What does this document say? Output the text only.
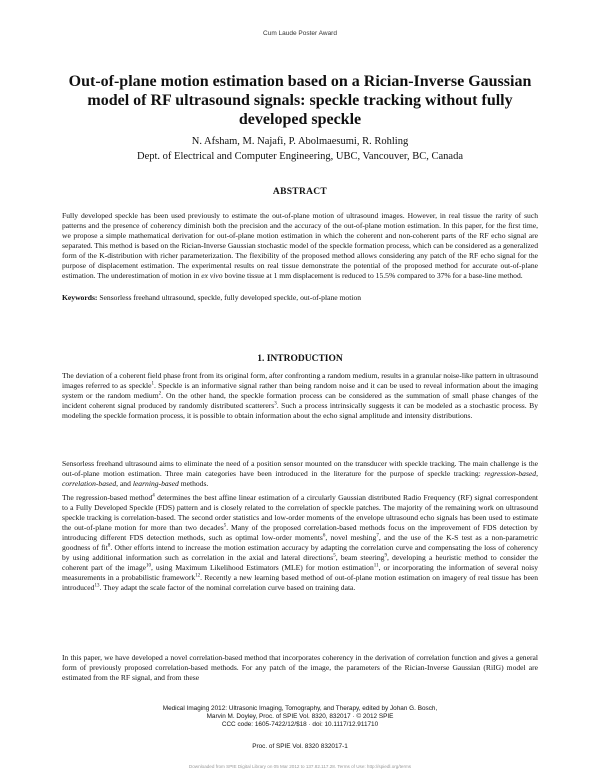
Cum Laude Poster Award
Out-of-plane motion estimation based on a Rician-Inverse Gaussian model of RF ultrasound signals: speckle tracking without fully developed speckle
N. Afsham, M. Najafi, P. Abolmaesumi, R. Rohling
Dept. of Electrical and Computer Engineering, UBC, Vancouver, BC, Canada
ABSTRACT
Fully developed speckle has been used previously to estimate the out-of-plane motion of ultrasound images. However, in real tissue the rarity of such patterns and the presence of coherency diminish both the precision and the accuracy of the out-of-plane motion estimation. In this paper, for the first time, we propose a simple mathematical derivation for out-of-plane motion estimation in which the coherent and non-coherent parts of the RF echo signal are separated. This method is based on the Rician-Inverse Gaussian stochastic model of the speckle formation process, which can be considered as a generalized form of the K-distribution with richer parameterization. The flexibility of the proposed method allows considering any patch of the RF echo signal for the purpose of displacement estimation. The experimental results on real tissue demonstrate the potential of the proposed method for accurate out-of-plane estimation. The underestimation of motion in ex vivo bovine tissue at 1 mm displacement is reduced to 15.5% compared to 37% for a base-line method.
Keywords: Sensorless freehand ultrasound, speckle, fully developed speckle, out-of-plane motion
1. INTRODUCTION
The deviation of a coherent field phase front from its original form, after confronting a random medium, results in a granular noise-like pattern in ultrasound images referred to as speckle$^1$. Speckle is an informative signal rather than being random noise and it can be used to reveal information about the imaging system or the random medium$^2$. On the other hand, the speckle formation process can be considered as the summation of small phase changes of the incident coherent signal produced by randomly distributed scatterers$^3$. Such a process intrinsically suggests it can be modeled as a stochastic process. By modeling the speckle formation process, it is possible to obtain information about the echo signal amplitude and intensity distributions.
Sensorless freehand ultrasound aims to eliminate the need of a position sensor mounted on the transducer with speckle tracking. The main challenge is the out-of-plane motion estimation. Three main categories have been introduced in the literature for the purpose of speckle tracking: regression-based, correlation-based, and learning-based methods.
The regression-based method$^4$ determines the best affine linear estimation of a circularly Gaussian distributed Radio Frequency (RF) signal correspondent to a Fully Developed Speckle (FDS) pattern and is closely related to the correlation of speckle patches. The majority of the remaining work on ultrasound speckle tracking is correlation-based. The second order statistics and low-order moments of the envelope ultrasound echo signals has been used to estimate the out-of-plane motion for more than two decades$^5$. Many of the proposed correlation-based methods focus on the improvement of FDS detection by introducing different FDS detection methods, such as optimal low-order moments$^6$, novel meshing$^7$, and the use of the K-S test as a non-parametric goodness of fit$^8$. Other efforts intend to increase the motion estimation accuracy by adapting the correlation curve and compensating the loss of coherency by using additional information such as correlation in the axial and lateral directions$^5$, beam steering$^9$, developing a heuristic method to consider the coherent part of the image$^{10}$, using Maximum Likelihood Estimators (MLE) for motion estimation$^{11}$, or incorporating the information of several noisy measurements in a probabilistic framework$^{12}$. Recently a new learning based method of out-of-plane motion estimation on imagery of real tissue has been introduced$^{13}$. They adapt the scale factor of the nominal correlation curve based on training data.
In this paper, we have developed a novel correlation-based method that incorporates coherency in the derivation of correlation function and gives a general form of previously proposed correlation-based methods. For any patch of the image, the parameters of the Rician-Inverse Gaussian (RiIG) model are estimated from the RF signal, and from these
Medical Imaging 2012: Ultrasonic Imaging, Tomography, and Therapy, edited by Johan G. Bosch,
Marvin M. Doyley, Proc. of SPIE Vol. 8320, 832017 · © 2012 SPIE
CCC code: 1605-7422/12/$18 · doi: 10.1117/12.911710
Proc. of SPIE Vol. 8320 832017-1
Downloaded from SPIE Digital Library on 05 Mar 2012 to 137.82.117.28. Terms of Use: http://spiedl.org/terms
